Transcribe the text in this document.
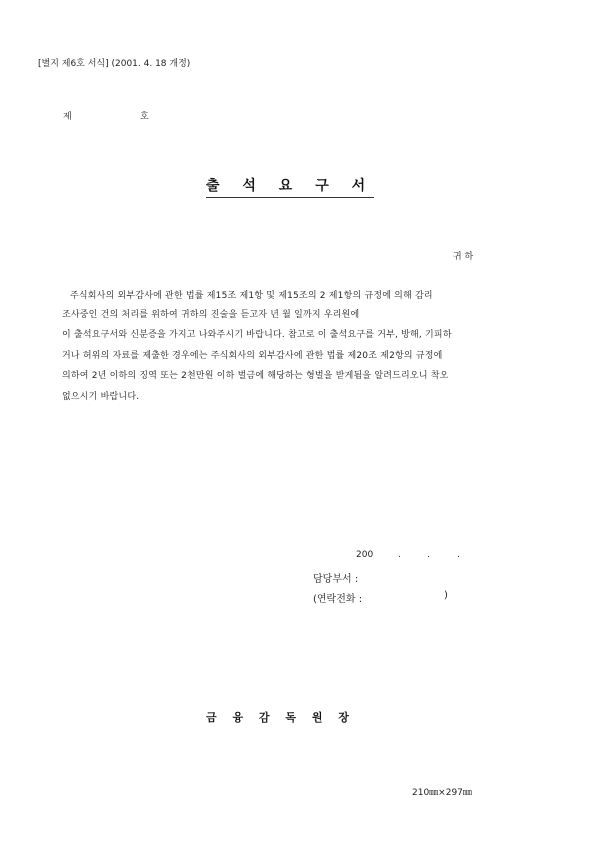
[별지 제6호 서식] (2001. 4. 18 개정)
제	호
출 석 요 구 서
귀 하
주식회사의 외부감사에 관한 법률 제15조 제1항 및 제15조의 2 제1항의 규정에 의해 감리
조사중인 건의 처리를 위하여 귀하의 진술을 듣고자 년 월 일까지 우리원에
이 출석요구서와 신분증을 가지고 나와주시기 바랍니다. 참고로 이 출석요구를 거부, 방해, 기피하
거나 허위의 자료를 제출한 경우에는 주식회사의 외부감사에 관한 법률 제20조 제2항의 규정에
의하여 2년 이하의 징역 또는 2천만원 이하 벌금에 해당하는 형벌을 받게됨을 알려드리오니 착오
없으시기 바랍니다.
200	.	.	.
담당부서 :
(연락전화 :	)
금 융 감 독 원 장
210㎜×297㎜
